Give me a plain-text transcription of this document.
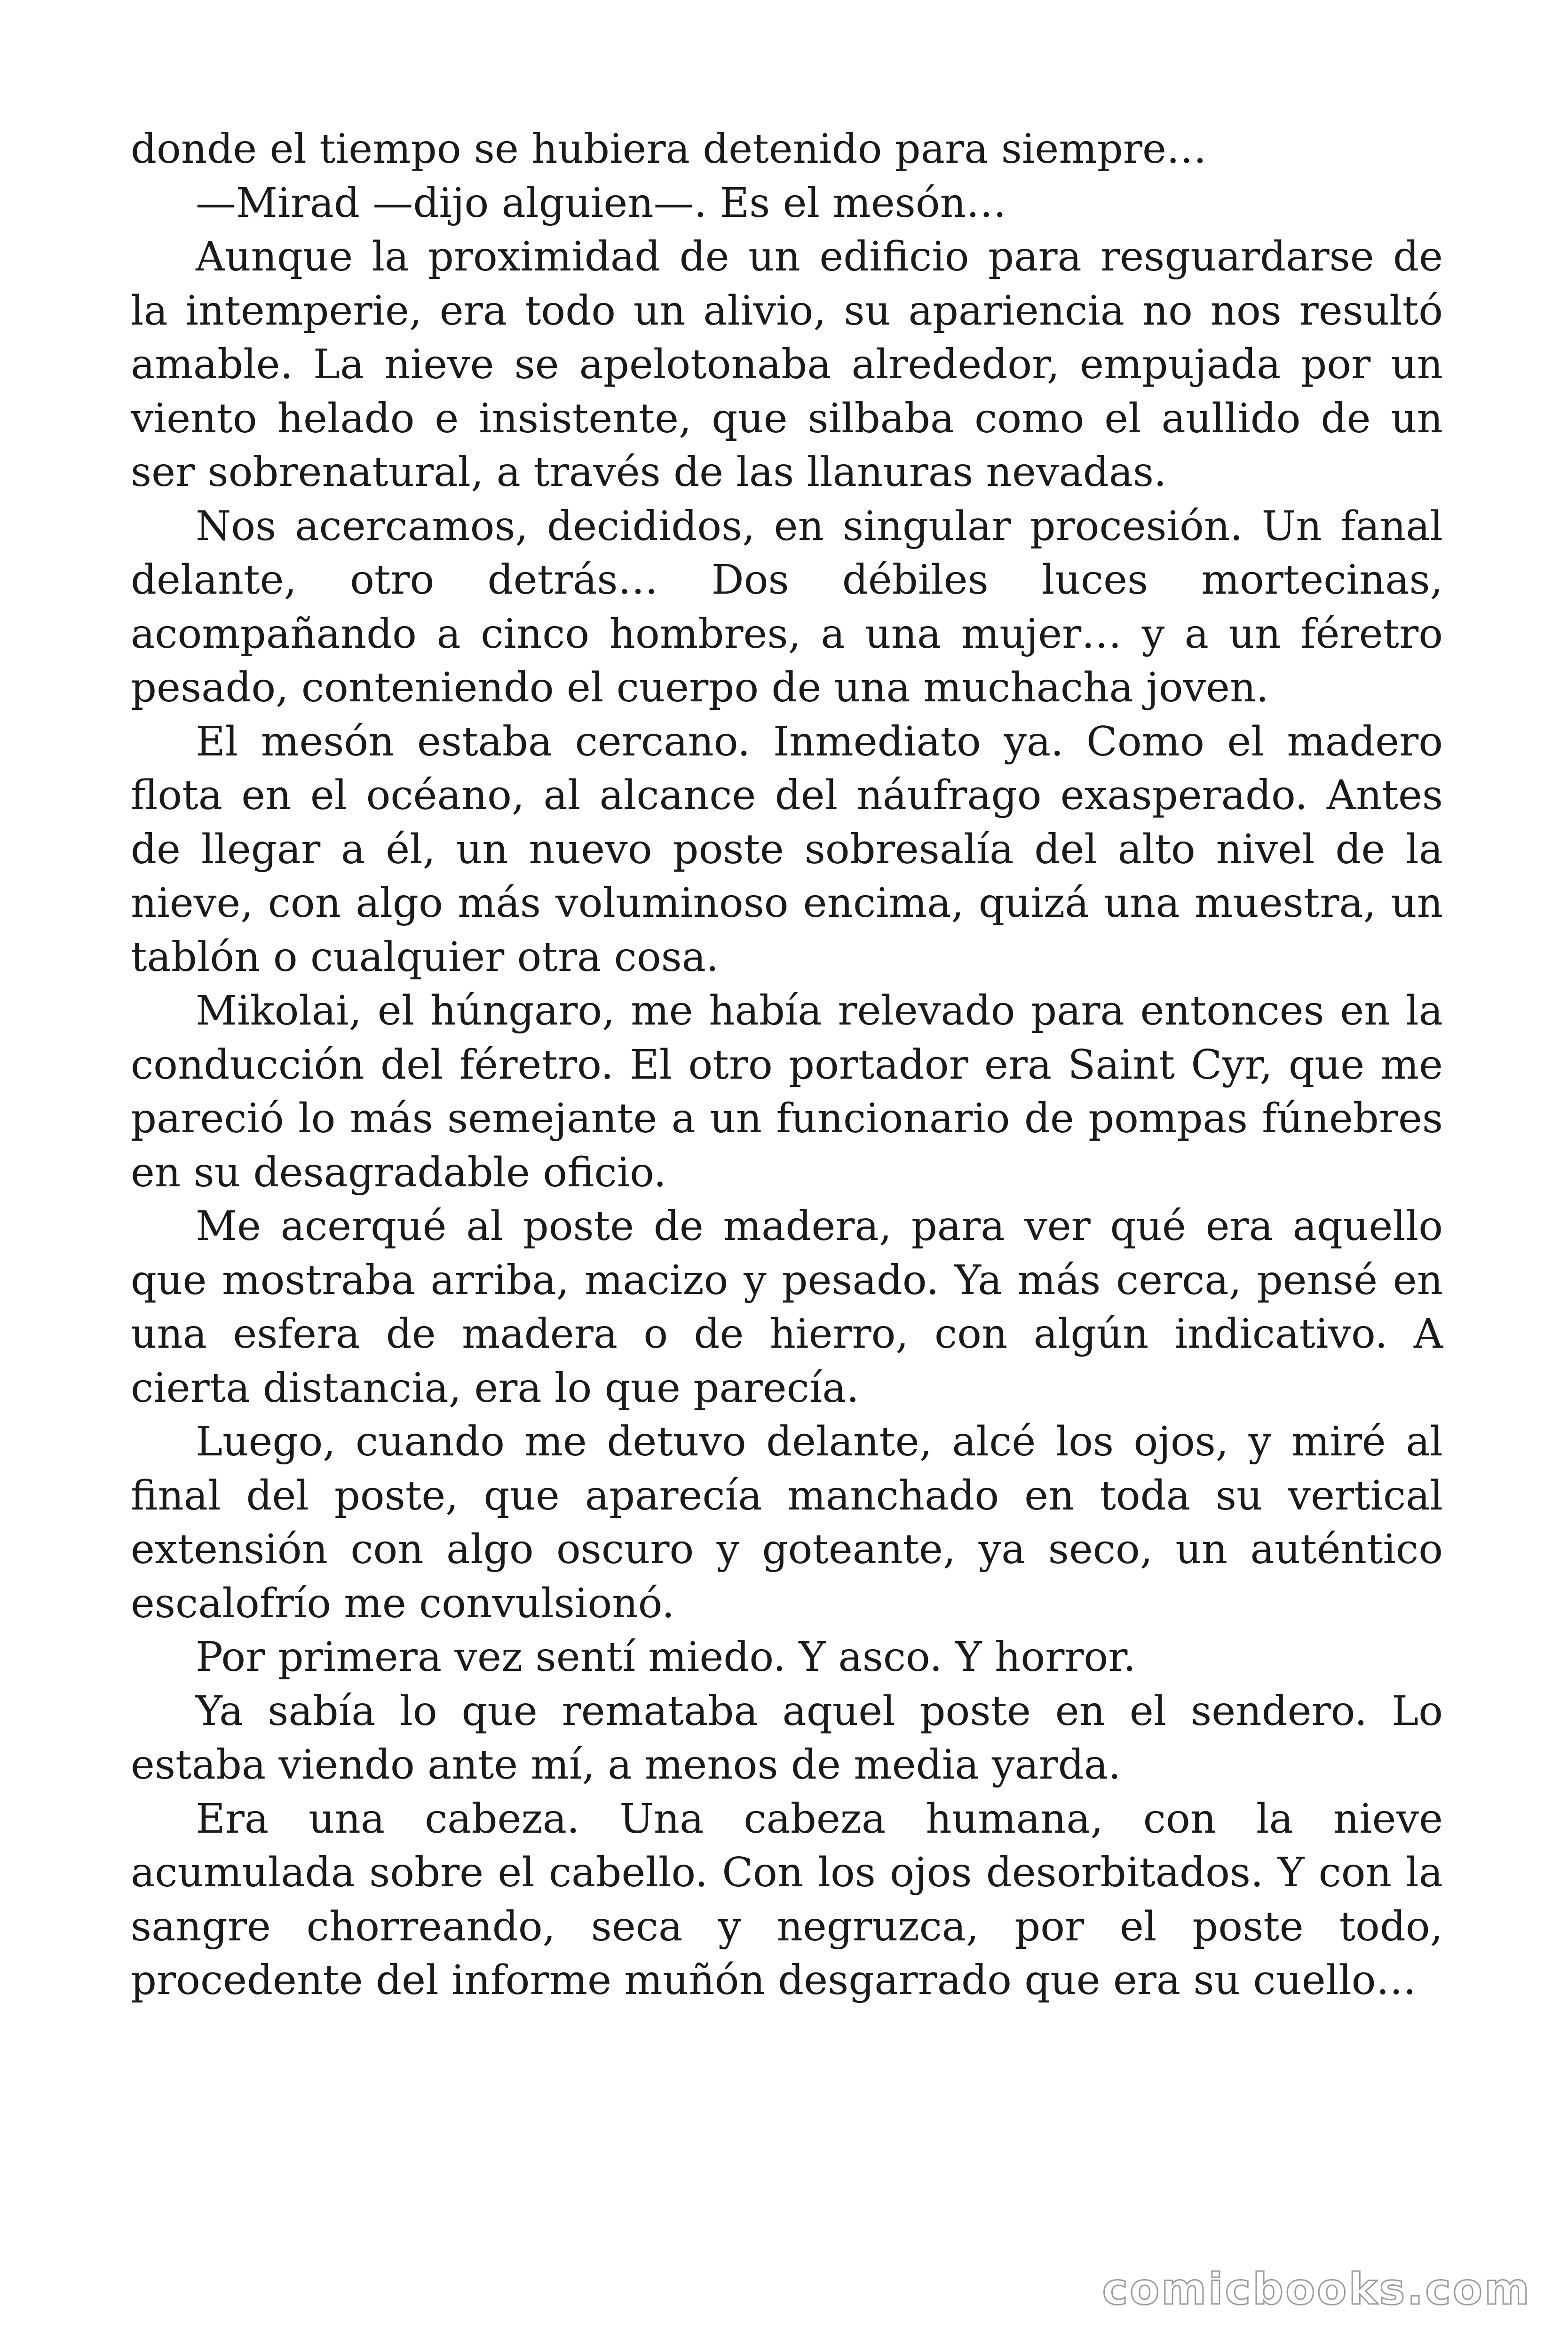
donde el tiempo se hubiera detenido para siempre…

—Mirad —dijo alguien—. Es el mesón…

Aunque la proximidad de un edificio para resguardarse de la intemperie, era todo un alivio, su apariencia no nos resultó amable. La nieve se apelotonaba alrededor, empujada por un viento helado e insistente, que silbaba como el aullido de un ser sobrenatural, a través de las llanuras nevadas.

Nos acercamos, decididos, en singular procesión. Un fanal delante, otro detrás… Dos débiles luces mortecinas, acompañando a cinco hombres, a una mujer… y a un féretro pesado, conteniendo el cuerpo de una muchacha joven.

El mesón estaba cercano. Inmediato ya. Como el madero flota en el océano, al alcance del náufrago exasperado. Antes de llegar a él, un nuevo poste sobresalía del alto nivel de la nieve, con algo más voluminoso encima, quizá una muestra, un tablón o cualquier otra cosa.

Mikolai, el húngaro, me había relevado para entonces en la conducción del féretro. El otro portador era Saint Cyr, que me pareció lo más semejante a un funcionario de pompas fúnebres en su desagradable oficio.

Me acerqué al poste de madera, para ver qué era aquello que mostraba arriba, macizo y pesado. Ya más cerca, pensé en una esfera de madera o de hierro, con algún indicativo. A cierta distancia, era lo que parecía.

Luego, cuando me detuvo delante, alcé los ojos, y miré al final del poste, que aparecía manchado en toda su vertical extensión con algo oscuro y goteante, ya seco, un auténtico escalofrío me convulsionó.

Por primera vez sentí miedo. Y asco. Y horror.

Ya sabía lo que remataba aquel poste en el sendero. Lo estaba viendo ante mí, a menos de media yarda.

Era una cabeza. Una cabeza humana, con la nieve acumulada sobre el cabello. Con los ojos desorbitados. Y con la sangre chorreando, seca y negruzca, por el poste todo, procedente del informe muñón desgarrado que era su cuello…

comicbooks.com
